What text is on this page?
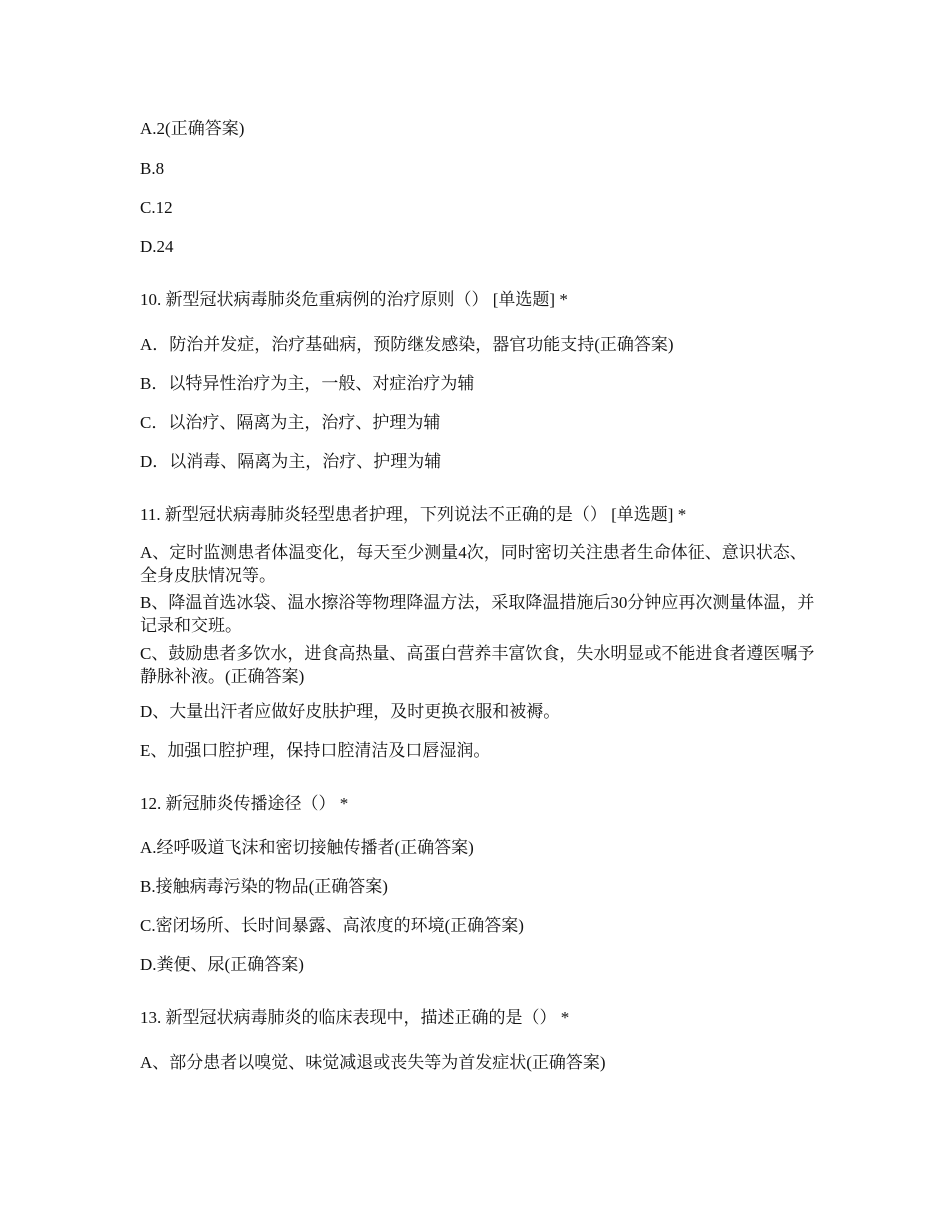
A.2(正确答案)
B.8
C.12
D.24
10. 新型冠状病毒肺炎危重病例的治疗原则（） [单选题] *
A．防治并发症，治疗基础病，预防继发感染，器官功能支持(正确答案)
B．以特异性治疗为主，一般、对症治疗为辅
C．以治疗、隔离为主，治疗、护理为辅
D．以消毒、隔离为主，治疗、护理为辅
11. 新型冠状病毒肺炎轻型患者护理，下列说法不正确的是（） [单选题] *
A、定时监测患者体温变化，每天至少测量4次，同时密切关注患者生命体征、意识状态、全身皮肤情况等。
B、降温首选冰袋、温水擦浴等物理降温方法，采取降温措施后30分钟应再次测量体温，并记录和交班。
C、鼓励患者多饮水，进食高热量、高蛋白营养丰富饮食，失水明显或不能进食者遵医嘱予静脉补液。(正确答案)
D、大量出汗者应做好皮肤护理，及时更换衣服和被褥。
E、加强口腔护理，保持口腔清洁及口唇湿润。
12. 新冠肺炎传播途径（） *
A.经呼吸道飞沫和密切接触传播者(正确答案)
B.接触病毒污染的物品(正确答案)
C.密闭场所、长时间暴露、高浓度的环境(正确答案)
D.粪便、尿(正确答案)
13. 新型冠状病毒肺炎的临床表现中，描述正确的是（） *
A、部分患者以嗅觉、味觉减退或丧失等为首发症状(正确答案)
